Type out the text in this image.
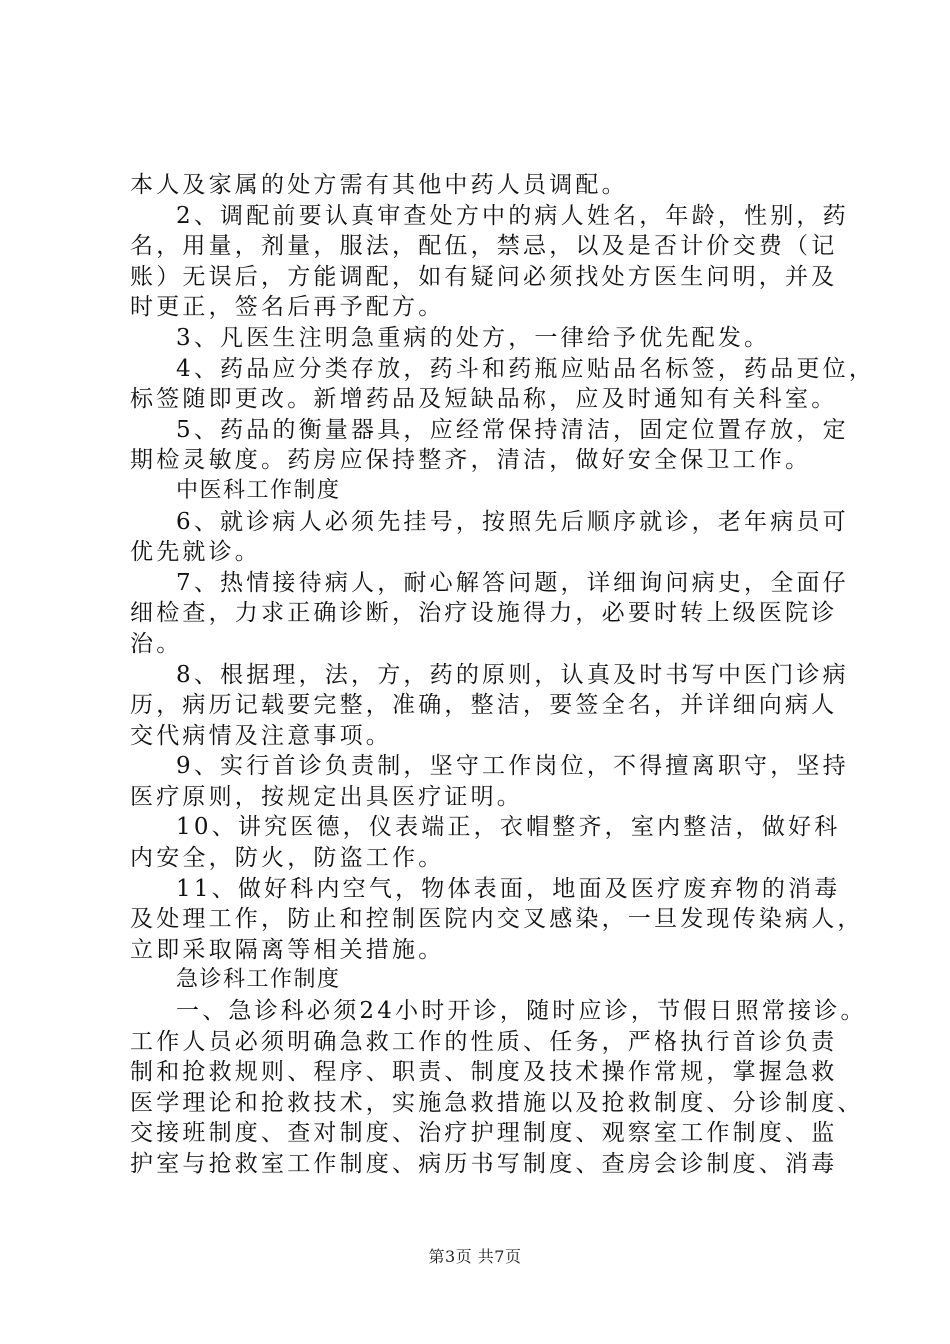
本人及家属的处方需有其他中药人员调配。
2、调配前要认真审查处方中的病人姓名，年龄，性别，药
名，用量，剂量，服法，配伍，禁忌，以及是否计价交费（记
账）无误后，方能调配，如有疑问必须找处方医生问明，并及
时更正，签名后再予配方。
3、凡医生注明急重病的处方，一律给予优先配发。
4、药品应分类存放，药斗和药瓶应贴品名标签，药品更位，
标签随即更改。新增药品及短缺品称，应及时通知有关科室。
5、药品的衡量器具，应经常保持清洁，固定位置存放，定
期检灵敏度。药房应保持整齐，清洁，做好安全保卫工作。
中医科工作制度
6、就诊病人必须先挂号，按照先后顺序就诊，老年病员可
优先就诊。
7、热情接待病人，耐心解答问题，详细询问病史，全面仔
细检查，力求正确诊断，治疗设施得力，必要时转上级医院诊
治。
8、根据理，法，方，药的原则，认真及时书写中医门诊病
历，病历记载要完整，准确，整洁，要签全名，并详细向病人
交代病情及注意事项。
9、实行首诊负责制，坚守工作岗位，不得擅离职守，坚持
医疗原则，按规定出具医疗证明。
10、讲究医德，仪表端正，衣帽整齐，室内整洁，做好科
内安全，防火，防盗工作。
11、做好科内空气，物体表面，地面及医疗废弃物的消毒
及处理工作，防止和控制医院内交叉感染，一旦发现传染病人，
立即采取隔离等相关措施。
急诊科工作制度
一、急诊科必须24小时开诊，随时应诊，节假日照常接诊。
工作人员必须明确急救工作的性质、任务，严格执行首诊负责
制和抢救规则、程序、职责、制度及技术操作常规，掌握急救
医学理论和抢救技术，实施急救措施以及抢救制度、分诊制度、
交接班制度、查对制度、治疗护理制度、观察室工作制度、监
护室与抢救室工作制度、病历书写制度、查房会诊制度、消毒
第3页 共7页
